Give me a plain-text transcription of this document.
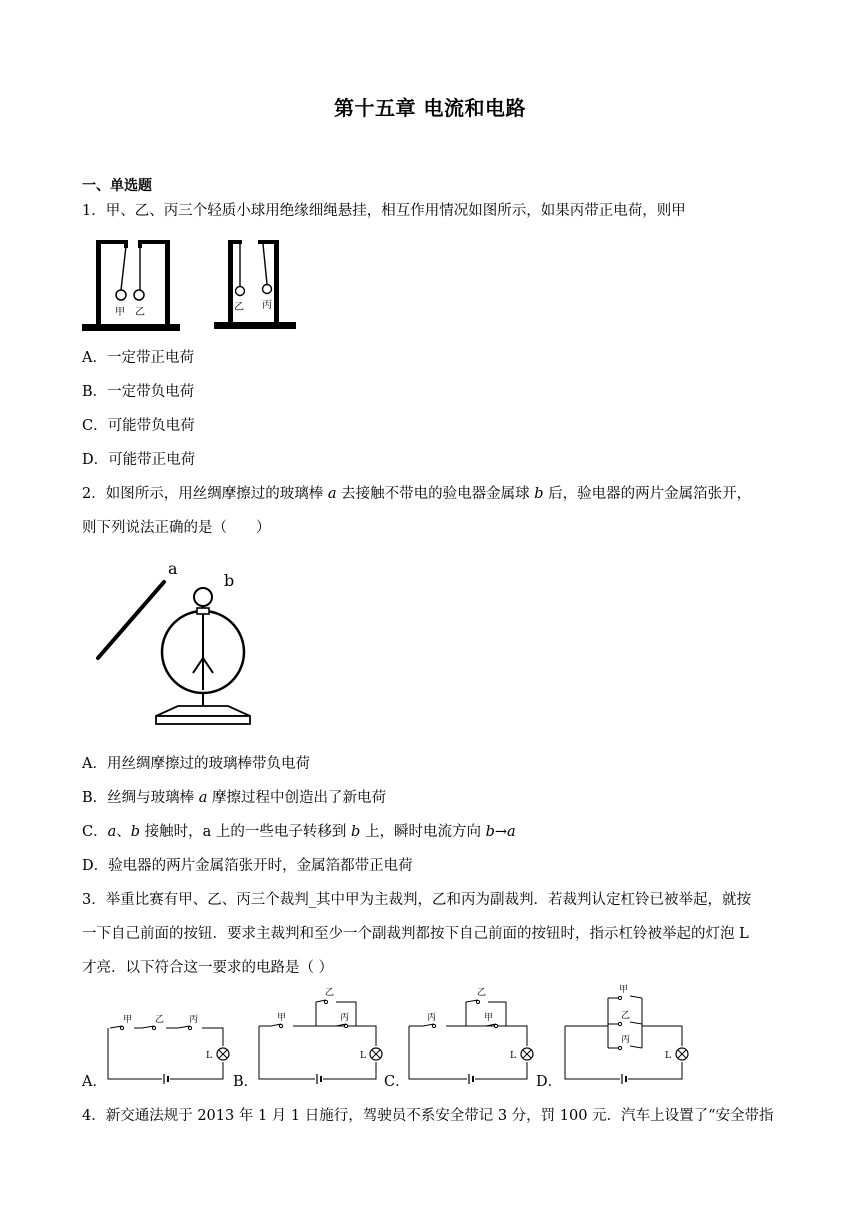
第十五章 电流和电路
一、单选题
1．甲、乙、丙三个轻质小球用绝缘细绳悬挂，相互作用情况如图所示，如果丙带正电荷，则甲
甲 乙	乙 丙
A．一定带正电荷
B．一定带负电荷
C．可能带负电荷
D．可能带正电荷
2．如图所示，用丝绸摩擦过的玻璃棒 a 去接触不带电的验电器金属球 b 后，验电器的两片金属箔张开，
则下列说法正确的是（　　）
a
b
A．用丝绸摩擦过的玻璃棒带负电荷
B．丝绸与玻璃棒 a 摩擦过程中创造出了新电荷
C．a、b 接触时，a 上的一些电子转移到 b 上，瞬时电流方向 b→a
D．验电器的两片金属箔张开时，金属箔都带正电荷
3．举重比赛有甲、乙、丙三个裁判_其中甲为主裁判，乙和丙为副裁判．若裁判认定杠铃已被举起，就按
一下自己前面的按钮．要求主裁判和至少一个副裁判都按下自己前面的按钮时，指示杠铃被举起的灯泡 L
才亮．以下符合这一要求的电路是（ ）
甲	乙	丙
L
甲
乙
丙
L
丙
乙
甲
L
甲
乙
丙
L
A．	B．	C．	D．
4．新交通法规于 2013 年 1 月 1 日施行，驾驶员不系安全带记 3 分，罚 100 元．汽车上设置了“安全带指
